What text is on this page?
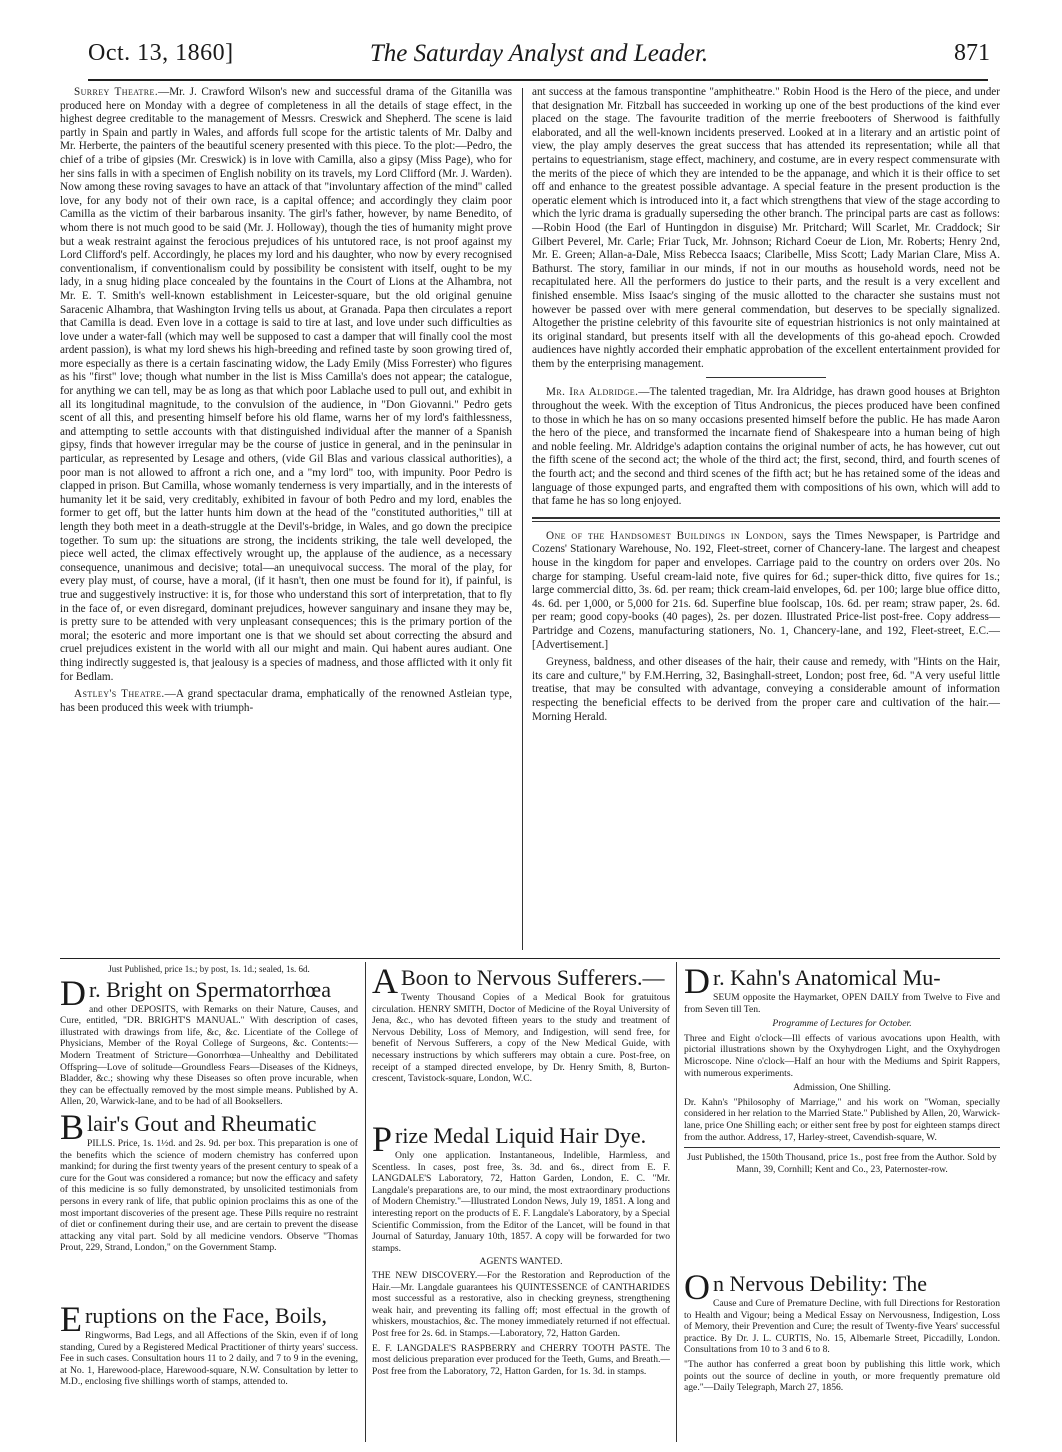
Oct. 13, 1860]	The Saturday Analyst and Leader.	871

Surrey Theatre.—Mr. J. Crawford Wilson's new and successful drama of the Gitanilla was produced here on Monday with a degree of completeness in all the details of stage effect, in the highest degree creditable to the management of Messrs. Creswick and Shepherd. The scene is laid partly in Spain and partly in Wales, and affords full scope for the artistic talents of Mr. Dalby and Mr. Herberte, the painters of the beautiful scenery presented with this piece. To the plot:—Pedro, the chief of a tribe of gipsies (Mr. Creswick) is in love with Camilla, also a gipsy (Miss Page), who for her sins falls in with a specimen of English nobility on its travels, my Lord Clifford (Mr. J. Warden). Now among these roving savages to have an attack of that "involuntary affection of the mind" called love, for any body not of their own race, is a capital offence; and accordingly they claim poor Camilla as the victim of their barbarous insanity. The girl's father, however, by name Benedito, of whom there is not much good to be said (Mr. J. Holloway), though the ties of humanity might prove but a weak restraint against the ferocious prejudices of his untutored race, is not proof against my Lord Clifford's pelf. Accordingly, he places my lord and his daughter, who now by every recognised conventionalism, if conventionalism could by possibility be consistent with itself, ought to be my lady, in a snug hiding place concealed by the fountains in the Court of Lions at the Alhambra, not Mr. E. T. Smith's well-known establishment in Leicester-square, but the old original genuine Saracenic Alhambra, that Washington Irving tells us about, at Granada. Papa then circulates a report that Camilla is dead. Even love in a cottage is said to tire at last, and love under such difficulties as love under a water-fall (which may well be supposed to cast a damper that will finally cool the most ardent passion), is what my lord shews his high-breeding and refined taste by soon growing tired of, more especially as there is a certain fascinating widow, the Lady Emily (Miss Forrester) who figures as his "first" love; though what number in the list is Miss Camilla's does not appear; the catalogue, for anything we can tell, may be as long as that which poor Lablache used to pull out, and exhibit in all its longitudinal magnitude, to the convulsion of the audience, in "Don Giovanni." Pedro gets scent of all this, and presenting himself before his old flame, warns her of my lord's faithlessness, and attempting to settle accounts with that distinguished individual after the manner of a Spanish gipsy, finds that however irregular may be the course of justice in general, and in the peninsular in particular, as represented by Lesage and others, (vide Gil Blas and various classical authorities), a poor man is not allowed to affront a rich one, and a "my lord" too, with impunity. Poor Pedro is clapped in prison. But Camilla, whose womanly tenderness is very impartially, and in the interests of humanity let it be said, very creditably, exhibited in favour of both Pedro and my lord, enables the former to get off, but the latter hunts him down at the head of the "constituted authorities," till at length they both meet in a death-struggle at the Devil's-bridge, in Wales, and go down the precipice together. To sum up: the situations are strong, the incidents striking, the tale well developed, the piece well acted, the climax effectively wrought up, the applause of the audience, as a necessary consequence, unanimous and decisive; total—an unequivocal success. The moral of the play, for every play must, of course, have a moral, (if it hasn't, then one must be found for it), if painful, is true and suggestively instructive: it is, for those who understand this sort of interpretation, that to fly in the face of, or even disregard, dominant prejudices, however sanguinary and insane they may be, is pretty sure to be attended with very unpleasant consequences; this is the primary portion of the moral; the esoteric and more important one is that we should set about correcting the absurd and cruel prejudices existent in the world with all our might and main. Qui habent aures audiant. One thing indirectly suggested is, that jealousy is a species of madness, and those afflicted with it only fit for Bedlam.

Astley's Theatre.—A grand spectacular drama, emphatically of the renowned Astleian type, has been produced this week with triumph-

ant success at the famous transpontine "amphitheatre." Robin Hood is the Hero of the piece, and under that designation Mr. Fitzball has succeeded in working up one of the best productions of the kind ever placed on the stage. The favourite tradition of the merrie freebooters of Sherwood is faithfully elaborated, and all the well-known incidents preserved. Looked at in a literary and an artistic point of view, the play amply deserves the great success that has attended its representation; while all that pertains to equestrianism, stage effect, machinery, and costume, are in every respect commensurate with the merits of the piece of which they are intended to be the appanage, and which it is their office to set off and enhance to the greatest possible advantage. A special feature in the present production is the operatic element which is introduced into it, a fact which strengthens that view of the stage according to which the lyric drama is gradually superseding the other branch. The principal parts are cast as follows:—Robin Hood (the Earl of Huntingdon in disguise) Mr. Pritchard; Will Scarlet, Mr. Craddock; Sir Gilbert Peverel, Mr. Carle; Friar Tuck, Mr. Johnson; Richard Coeur de Lion, Mr. Roberts; Henry 2nd, Mr. E. Green; Allan-a-Dale, Miss Rebecca Isaacs; Claribelle, Miss Scott; Lady Marian Clare, Miss A. Bathurst. The story, familiar in our minds, if not in our mouths as household words, need not be recapitulated here. All the performers do justice to their parts, and the result is a very excellent and finished ensemble. Miss Isaac's singing of the music allotted to the character she sustains must not however be passed over with mere general commendation, but deserves to be specially signalized. Altogether the pristine celebrity of this favourite site of equestrian histrionics is not only maintained at its original standard, but presents itself with all the developments of this go-ahead epoch. Crowded audiences have nightly accorded their emphatic approbation of the excellent entertainment provided for them by the enterprising management.

Mr. Ira Aldridge.—The talented tragedian, Mr. Ira Aldridge, has drawn good houses at Brighton throughout the week. With the exception of Titus Andronicus, the pieces produced have been confined to those in which he has on so many occasions presented himself before the public. He has made Aaron the hero of the piece, and transformed the incarnate fiend of Shakespeare into a human being of high and noble feeling. Mr. Aldridge's adaption contains the original number of acts, he has however, cut out the fifth scene of the second act; the whole of the third act; the first, second, third, and fourth scenes of the fourth act; and the second and third scenes of the fifth act; but he has retained some of the ideas and language of those expunged parts, and engrafted them with compositions of his own, which will add to that fame he has so long enjoyed.

One of the Handsomest Buildings in London, says the Times Newspaper, is Partridge and Cozens' Stationary Warehouse, No. 192, Fleet-street, corner of Chancery-lane. The largest and cheapest house in the kingdom for paper and envelopes. Carriage paid to the country on orders over 20s. No charge for stamping. Useful cream-laid note, five quires for 6d.; super-thick ditto, five quires for 1s.; large commercial ditto, 3s. 6d. per ream; thick cream-laid envelopes, 6d. per 100; large blue office ditto, 4s. 6d. per 1,000, or 5,000 for 21s. 6d. Superfine blue foolscap, 10s. 6d. per ream; straw paper, 2s. 6d. per ream; good copy-books (40 pages), 2s. per dozen. Illustrated Price-list post-free. Copy address—Partridge and Cozens, manufacturing stationers, No. 1, Chancery-lane, and 192, Fleet-street, E.C.—[Advertisement.]

Greyness, baldness, and other diseases of the hair, their cause and remedy, with "Hints on the Hair, its care and culture," by F.M.Herring, 32, Basinghall-street, London; post free, 6d. "A very useful little treatise, that may be consulted with advantage, conveying a considerable amount of information respecting the beneficial effects to be derived from the proper care and cultivation of the hair.—Morning Herald.

Just Published, price 1s.; by post, 1s. 1d.; sealed, 1s. 6d.
Dr. Bright on Spermatorrhœa

and other DEPOSITS, with Remarks on their Nature, Causes, and Cure, entitled, "DR. BRIGHT'S MANUAL." With description of cases, illustrated with drawings from life, &c, &c. Licentiate of the College of Physicians, Member of the Royal College of Surgeons, &c. Contents:—Modern Treatment of Stricture—Gonorrhœa—Unhealthy and Debilitated Offspring—Love of solitude—Groundless Fears—Diseases of the Kidneys, Bladder, &c.; showing why these Diseases so often prove incurable, when they can be effectually removed by the most simple means. Published by A. Allen, 20, Warwick-lane, and to be had of all Booksellers.

Blair's Gout and Rheumatic

PILLS. Price, 1s. 1½d. and 2s. 9d. per box. This preparation is one of the benefits which the science of modern chemistry has conferred upon mankind; for during the first twenty years of the present century to speak of a cure for the Gout was considered a romance; but now the efficacy and safety of this medicine is so fully demonstrated, by unsolicited testimonials from persons in every rank of life, that public opinion proclaims this as one of the most important discoveries of the present age. These Pills require no restraint of diet or confinement during their use, and are certain to prevent the disease attacking any vital part. Sold by all medicine vendors. Observe "Thomas Prout, 229, Strand, London," on the Government Stamp.

Eruptions on the Face, Boils,

Ringworms, Bad Legs, and all Affections of the Skin, even if of long standing, Cured by a Registered Medical Practitioner of thirty years' success. Fee in such cases. Consultation hours 11 to 2 daily, and 7 to 9 in the evening, at No. 1, Harewood-place, Harewood-square, N.W. Consultation by letter to M.D., enclosing five shillings worth of stamps, attended to.

A Boon to Nervous Sufferers.—

Twenty Thousand Copies of a Medical Book for gratuitous circulation. HENRY SMITH, Doctor of Medicine of the Royal University of Jena, &c., who has devoted fifteen years to the study and treatment of Nervous Debility, Loss of Memory, and Indigestion, will send free, for benefit of Nervous Sufferers, a copy of the New Medical Guide, with necessary instructions by which sufferers may obtain a cure. Post-free, on receipt of a stamped directed envelope, by Dr. Henry Smith, 8, Burton-crescent, Tavistock-square, London, W.C.

Prize Medal Liquid Hair Dye.

Only one application. Instantaneous, Indelible, Harmless, and Scentless. In cases, post free, 3s. 3d. and 6s., direct from E. F. LANGDALE'S Laboratory, 72, Hatton Garden, London, E. C. "Mr. Langdale's preparations are, to our mind, the most extraordinary productions of Modern Chemistry."—Illustrated London News, July 19, 1851. A long and interesting report on the products of E. F. Langdale's Laboratory, by a Special Scientific Commission, from the Editor of the Lancet, will be found in that Journal of Saturday, January 10th, 1857. A copy will be forwarded for two stamps.

AGENTS WANTED.

THE NEW DISCOVERY.—For the Restoration and Reproduction of the Hair.—Mr. Langdale guarantees his QUINTESSENCE of CANTHARIDES most successful as a restorative, also in checking greyness, strengthening weak hair, and preventing its falling off; most effectual in the growth of whiskers, moustachios, &c. The money immediately returned if not effectual. Post free for 2s. 6d. in Stamps.—Laboratory, 72, Hatton Garden.

E. F. LANGDALE'S RASPBERRY and CHERRY TOOTH PASTE. The most delicious preparation ever produced for the Teeth, Gums, and Breath.—Post free from the Laboratory, 72, Hatton Garden, for 1s. 3d. in stamps.

Dr. Kahn's Anatomical Mu-

SEUM opposite the Haymarket, OPEN DAILY from Twelve to Five and from Seven till Ten.

Programme of Lectures for October.

Three and Eight o'clock—Ill effects of various avocations upon Health, with pictorial illustrations shown by the Oxyhydrogen Light, and the Oxyhydrogen Microscope. Nine o'clock—Half an hour with the Mediums and Spirit Rappers, with numerous experiments.

Admission, One Shilling.

Dr. Kahn's "Philosophy of Marriage," and his work on "Woman, specially considered in her relation to the Married State." Published by Allen, 20, Warwick-lane, price One Shilling each; or either sent free by post for eighteen stamps direct from the author. Address, 17, Harley-street, Cavendish-square, W.

Just Published, the 150th Thousand, price 1s., post free from the Author. Sold by Mann, 39, Cornhill; Kent and Co., 23, Paternoster-row.

On Nervous Debility: The

Cause and Cure of Premature Decline, with full Directions for Restoration to Health and Vigour; being a Medical Essay on Nervousness, Indigestion, Loss of Memory, their Prevention and Cure; the result of Twenty-five Years' successful practice. By Dr. J. L. CURTIS, No. 15, Albemarle Street, Piccadilly, London. Consultations from 10 to 3 and 6 to 8.

"The author has conferred a great boon by publishing this little work, which points out the source of decline in youth, or more frequently premature old age."—Daily Telegraph, March 27, 1856.
